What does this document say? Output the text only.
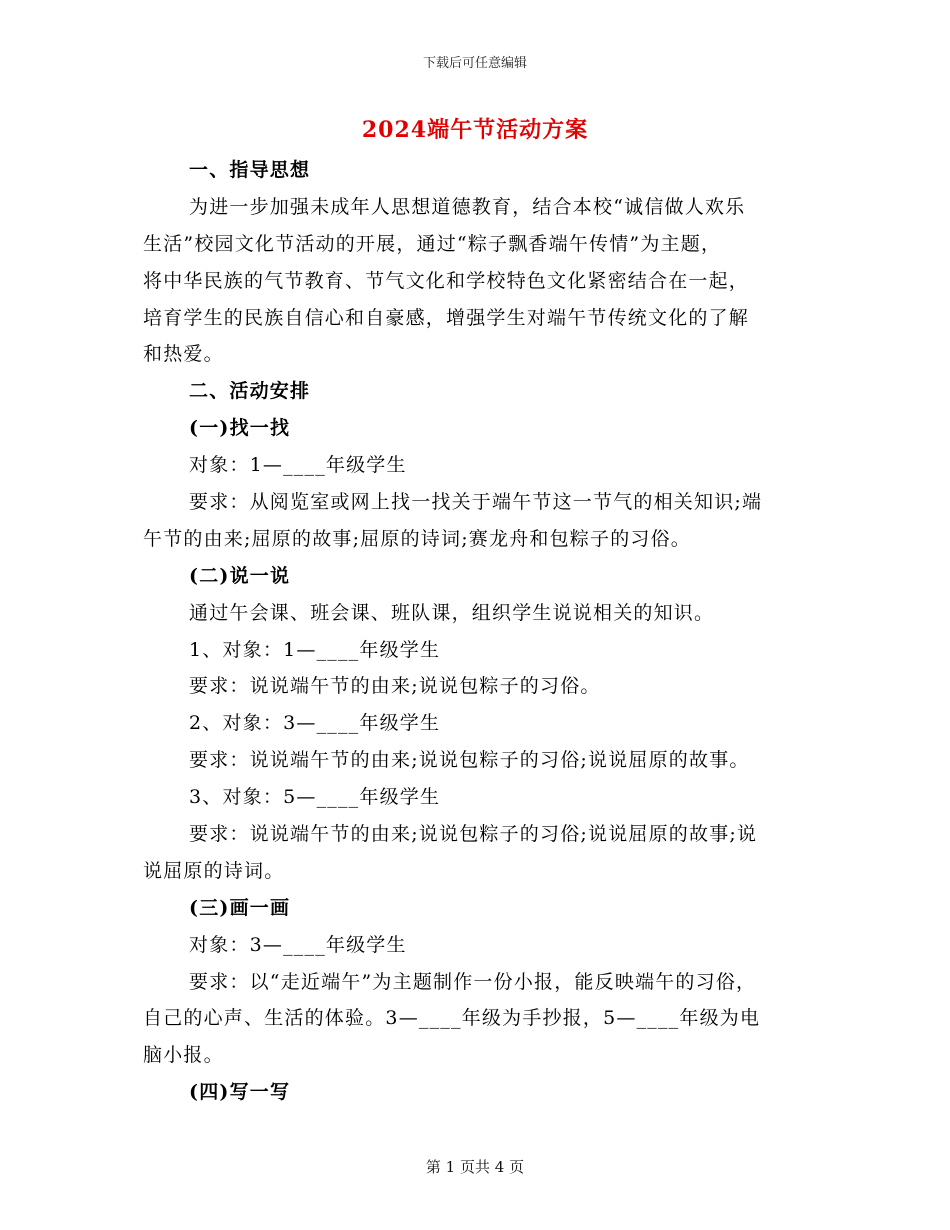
下载后可任意编辑
2024端午节活动方案
一、指导思想
为进一步加强未成年人思想道德教育，结合本校“诚信做人欢乐
生活”校园文化节活动的开展，通过“粽子飘香端午传情”为主题，
将中华民族的气节教育、节气文化和学校特色文化紧密结合在一起，
培育学生的民族自信心和自豪感，增强学生对端午节传统文化的了解
和热爱。
二、活动安排
(一)找一找
对象：1—____年级学生
要求：从阅览室或网上找一找关于端午节这一节气的相关知识;端
午节的由来;屈原的故事;屈原的诗词;赛龙舟和包粽子的习俗。
(二)说一说
通过午会课、班会课、班队课，组织学生说说相关的知识。
1、对象：1—____年级学生
要求：说说端午节的由来;说说包粽子的习俗。
2、对象：3—____年级学生
要求：说说端午节的由来;说说包粽子的习俗;说说屈原的故事。
3、对象：5—____年级学生
要求：说说端午节的由来;说说包粽子的习俗;说说屈原的故事;说
说屈原的诗词。
(三)画一画
对象：3—____年级学生
要求：以“走近端午”为主题制作一份小报，能反映端午的习俗，
自己的心声、生活的体验。3—____年级为手抄报，5—____年级为电
脑小报。
(四)写一写
第 1 页共 4 页
